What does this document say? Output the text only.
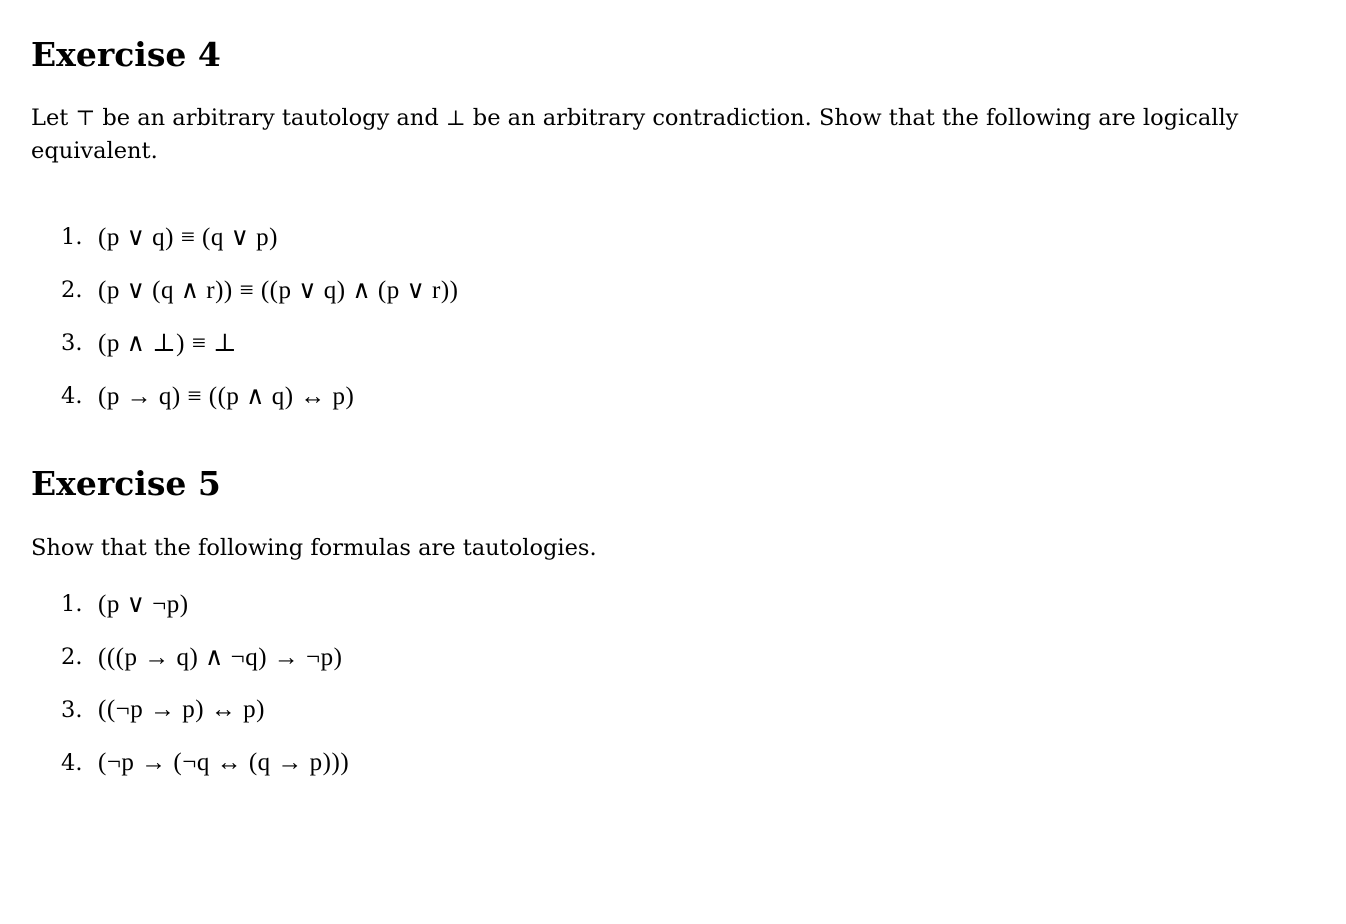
Exercise 4

Let ⊤ be an arbitrary tautology and ⊥ be an arbitrary contradiction. Show that the following are logically equivalent.

1. (p ∨ q) ≡ (q ∨ p)
2. (p ∨ (q ∧ r)) ≡ ((p ∨ q) ∧ (p ∨ r))
3. (p ∧ ⊥) ≡ ⊥
4. (p → q) ≡ ((p ∧ q) ↔ p)
Exercise 5

Show that the following formulas are tautologies.

1. (p ∨ ¬p)
2. (((p → q) ∧ ¬q) → ¬p)
3. ((¬p → p) ↔ p)
4. (¬p → (¬q ↔ (q → p)))
